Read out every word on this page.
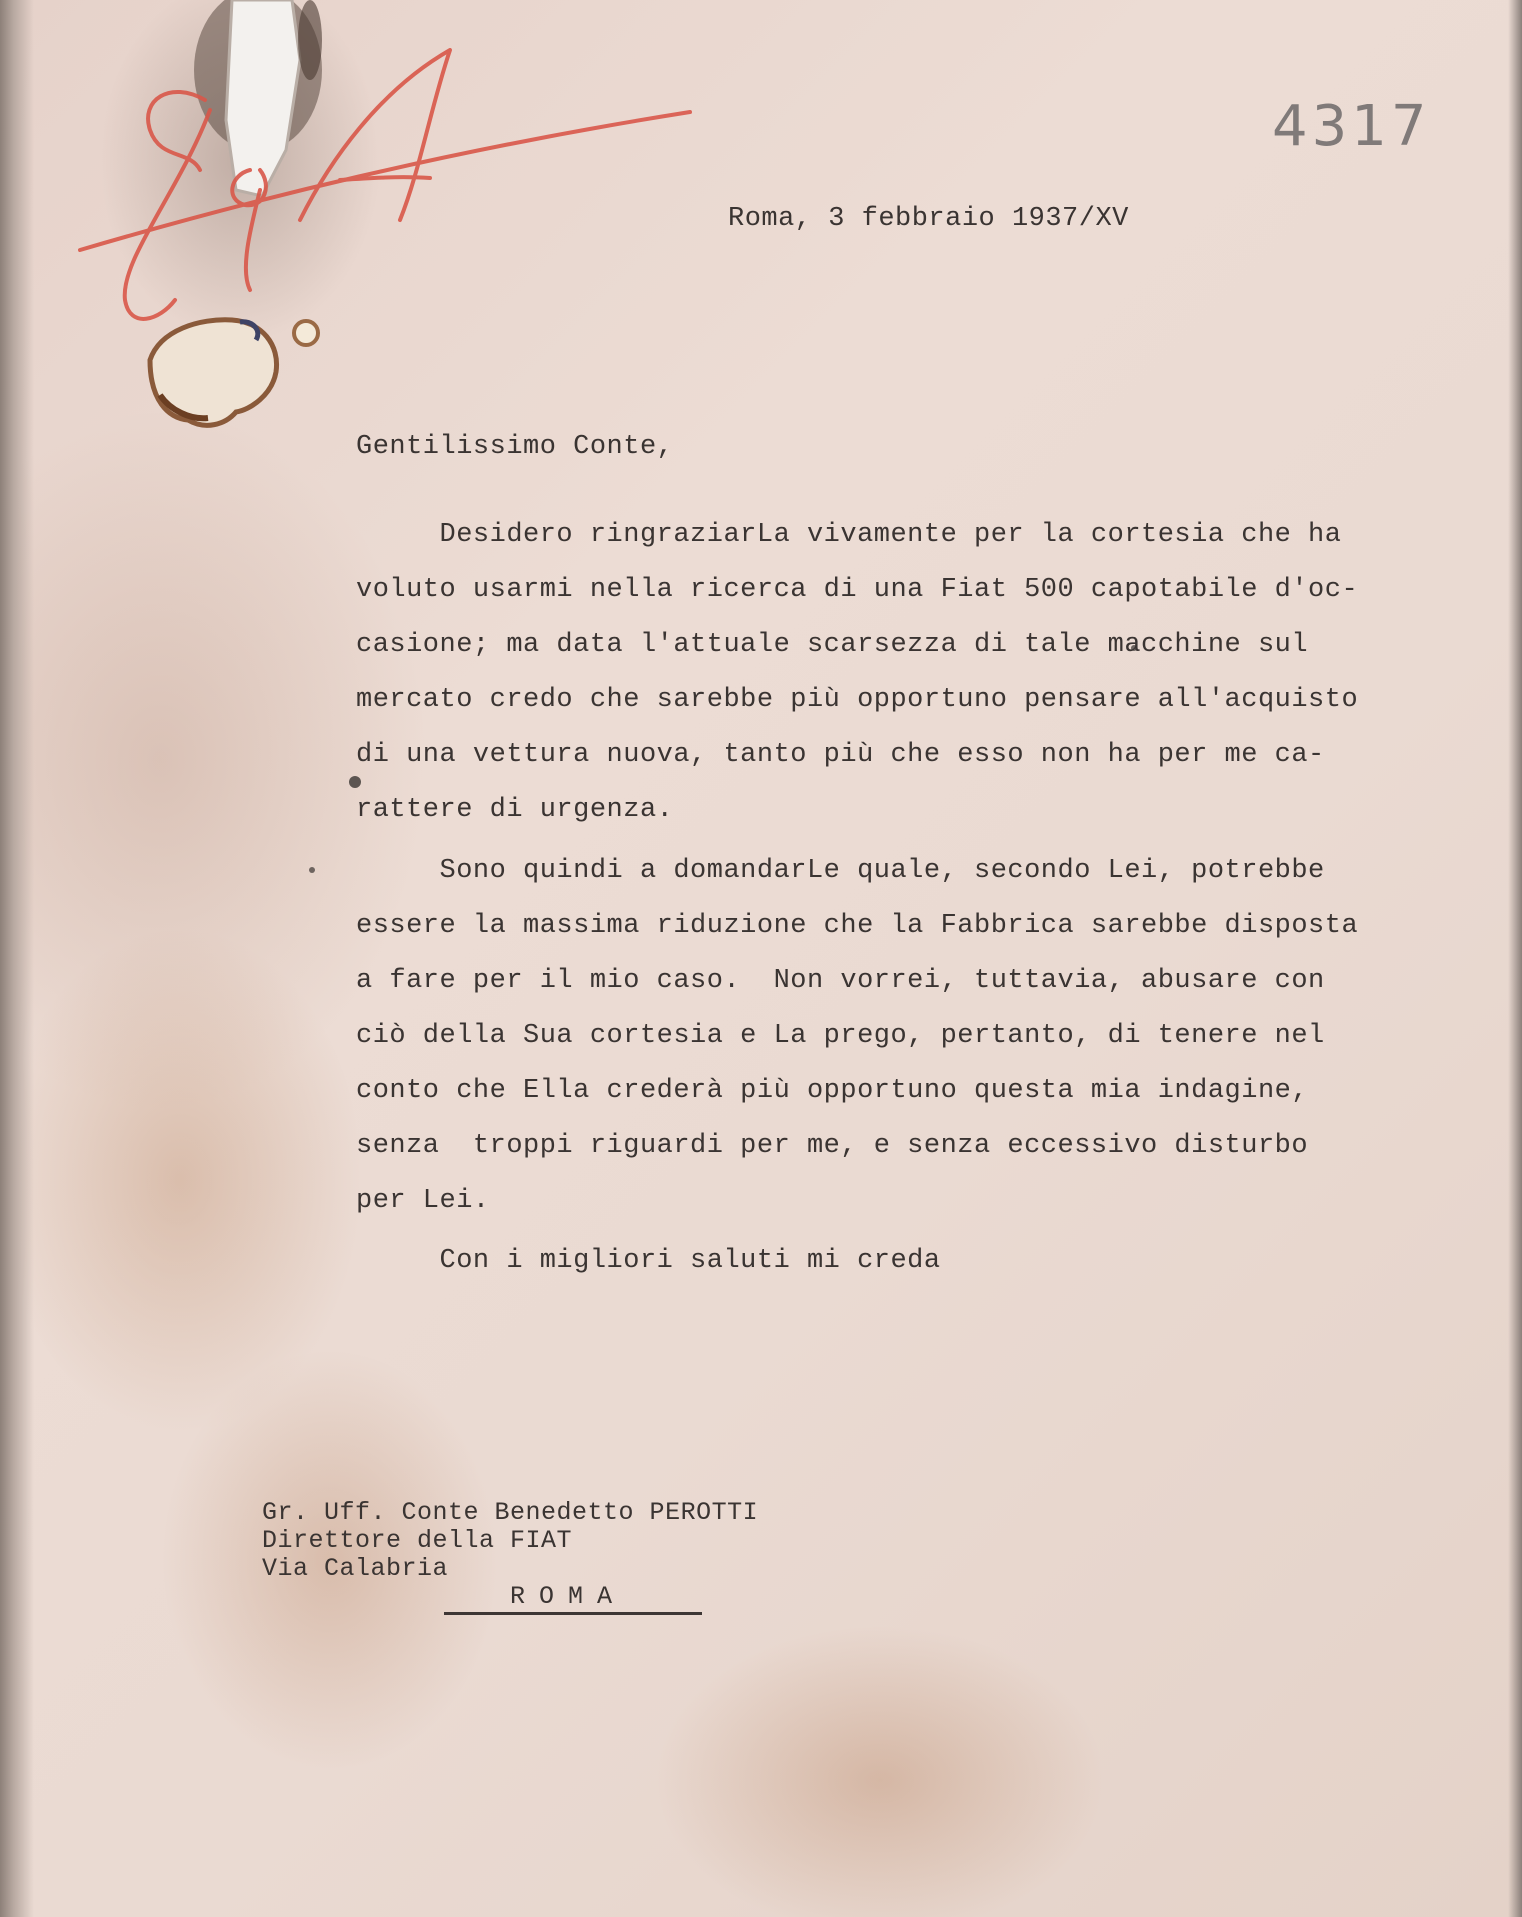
4317

Roma, 3 febbraio 1937/XV

Gentilissimo Conte,

Desidero ringraziarLa vivamente per la cortesia che ha

voluto usarmi nella ricerca di una Fiat 500 capotabile d'oc-

casione; ma data l'attuale scarsezza di tale macchine sul

mercato credo che sarebbe più opportuno pensare all'acquisto

di una vettura nuova, tanto più che esso non ha per me ca-

rattere di urgenza.

Sono quindi a domandarLe quale, secondo Lei, potrebbe

essere la massima riduzione che la Fabbrica sarebbe disposta

a fare per il mio caso.  Non vorrei, tuttavia, abusare con

ciò della Sua cortesia e La prego, pertanto, di tenere nel

conto che Ella crederà più opportuno questa mia indagine,

senza  troppi riguardi per me, e senza eccessivo disturbo

per Lei.

Con i migliori saluti mi creda

Gr. Uff. Conte Benedetto PEROTTI

Direttore della FIAT

Via Calabria

ROMA
